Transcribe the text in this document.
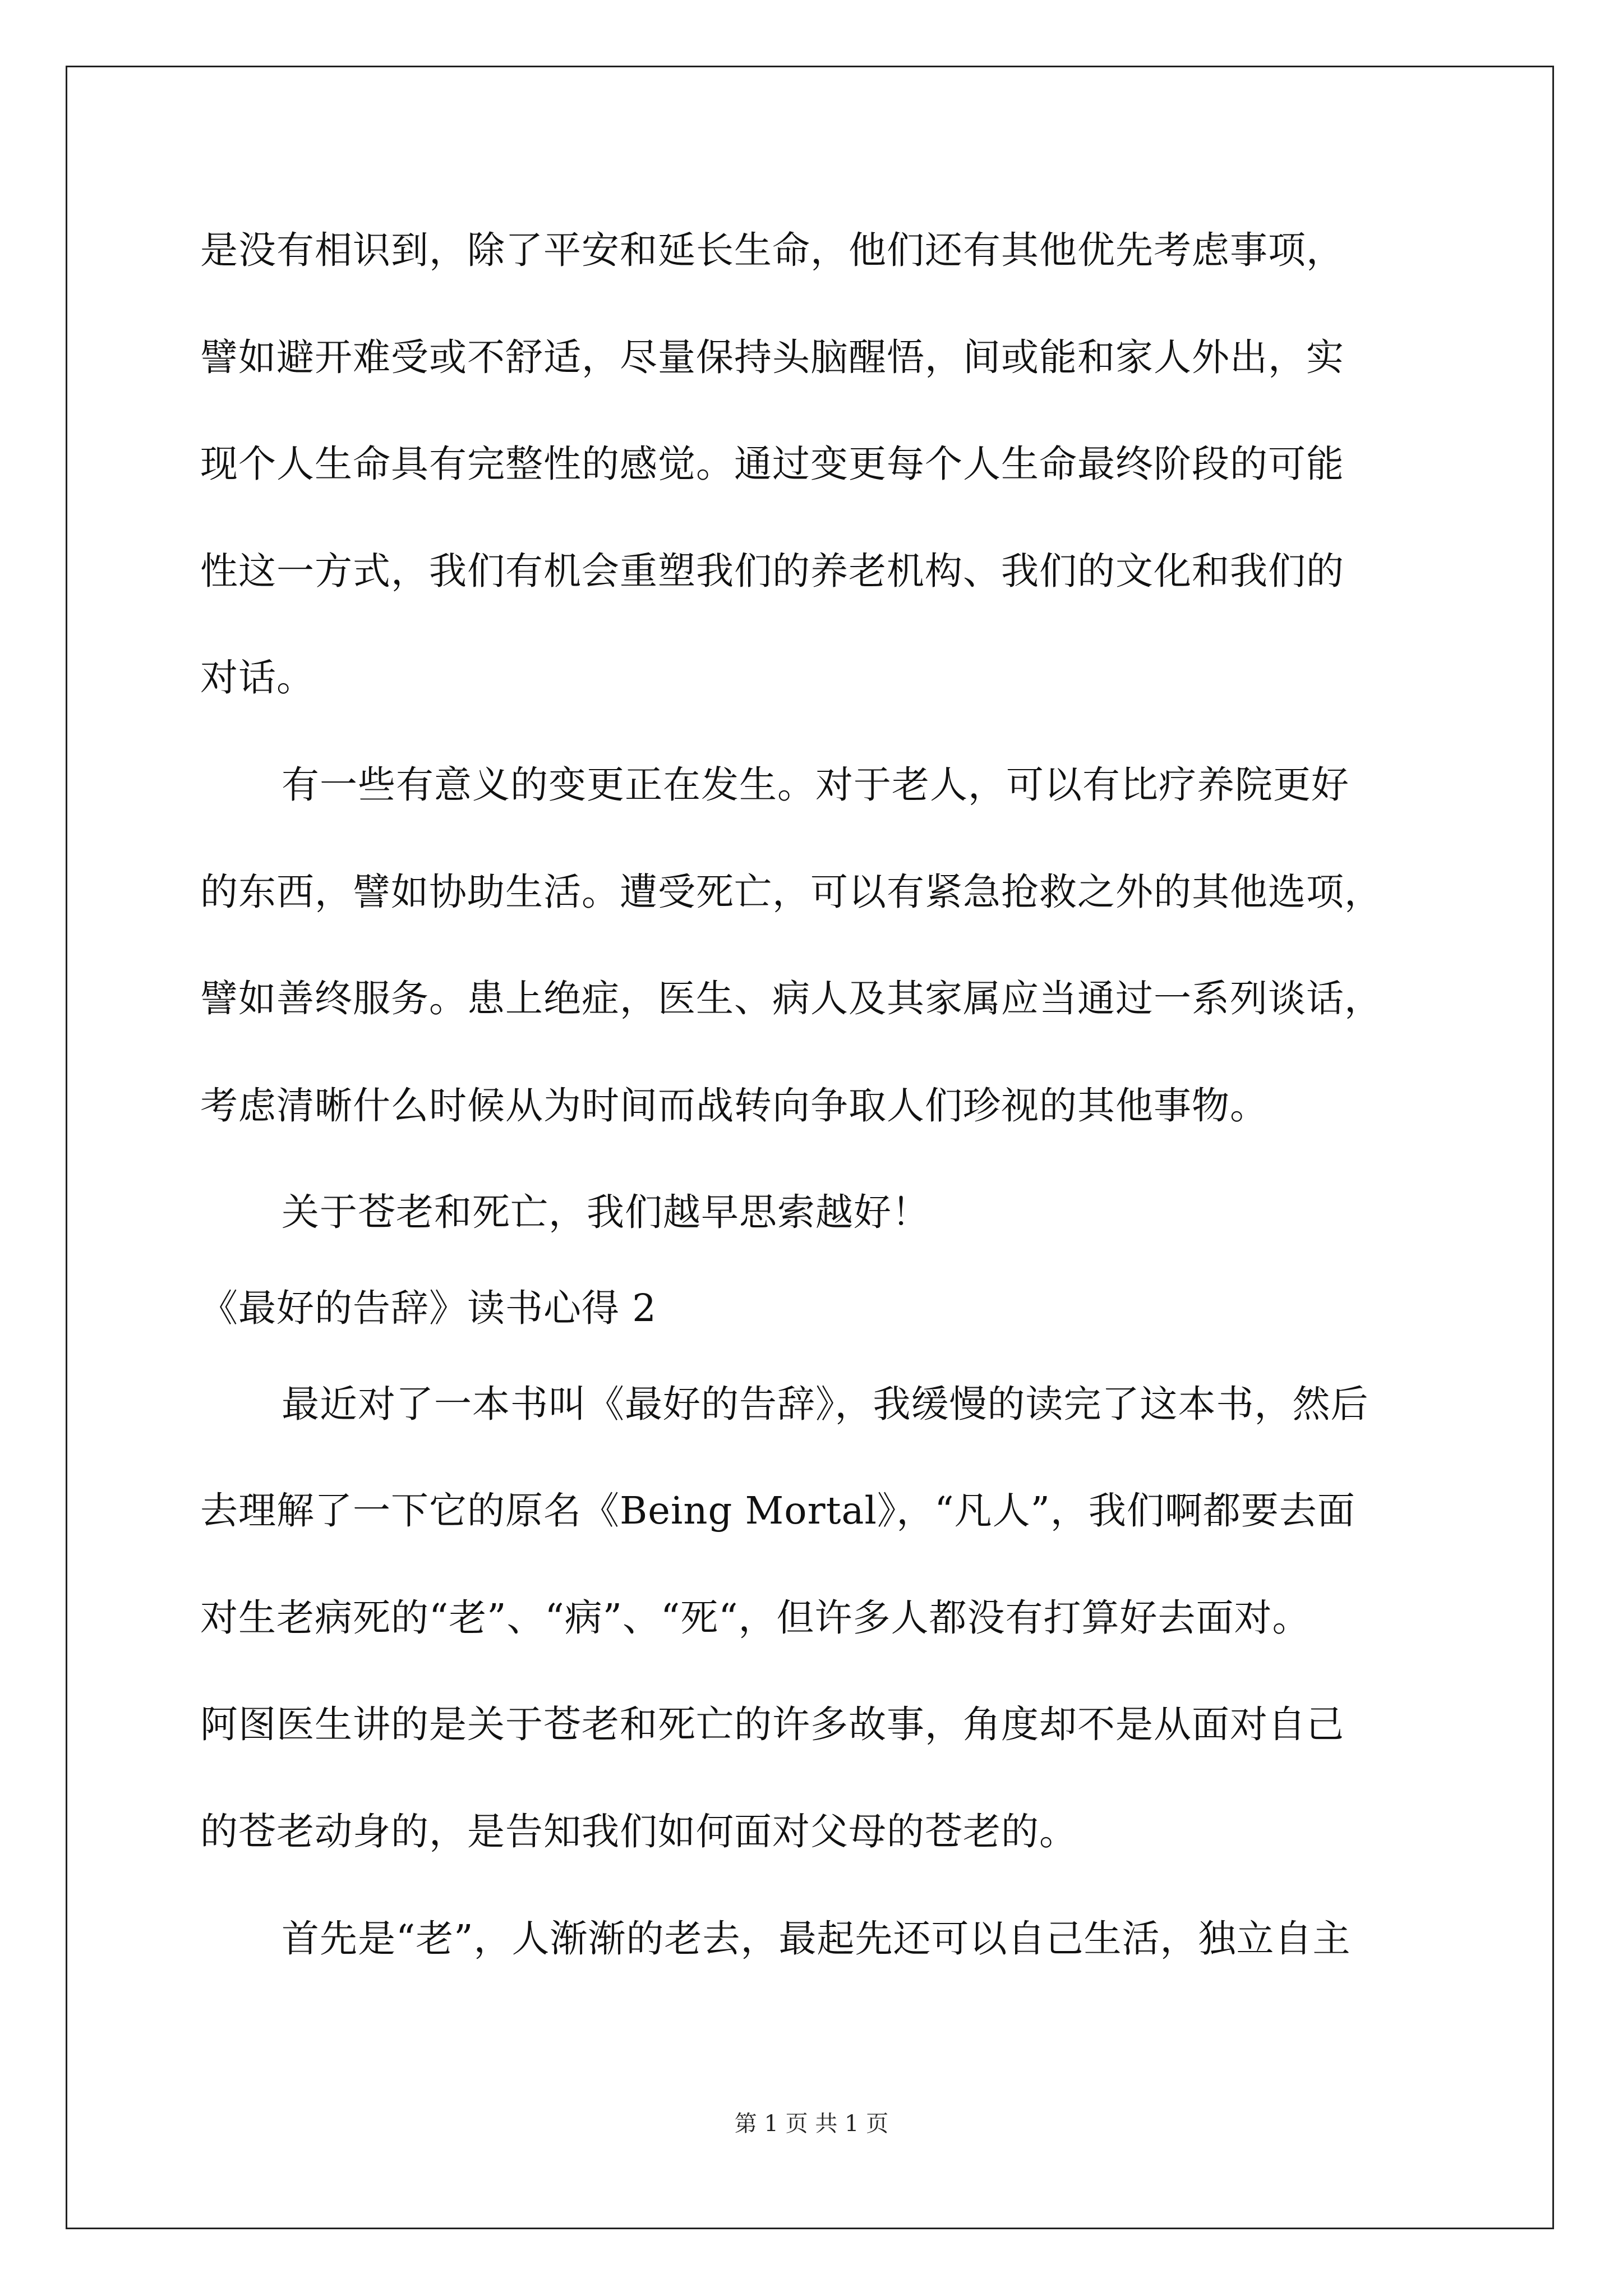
是没有相识到，除了平安和延长生命，他们还有其他优先考虑事项，
譬如避开难受或不舒适，尽量保持头脑醒悟，间或能和家人外出，实
现个人生命具有完整性的感觉。通过变更每个人生命最终阶段的可能
性这一方式，我们有机会重塑我们的养老机构、我们的文化和我们的
对话。
有一些有意义的变更正在发生。对于老人，可以有比疗养院更好
的东西，譬如协助生活。遭受死亡，可以有紧急抢救之外的其他选项，
譬如善终服务。患上绝症，医生、病人及其家属应当通过一系列谈话，
考虑清晰什么时候从为时间而战转向争取人们珍视的其他事物。
关于苍老和死亡，我们越早思索越好！
《最好的告辞》读书心得 2
最近对了一本书叫《最好的告辞》，我缓慢的读完了这本书，然后
去理解了一下它的原名《Being Mortal》，“凡人”，我们啊都要去面
对生老病死的“老”、“病”、“死“，但许多人都没有打算好去面对。
阿图医生讲的是关于苍老和死亡的许多故事，角度却不是从面对自己
的苍老动身的，是告知我们如何面对父母的苍老的。
首先是“老”，人渐渐的老去，最起先还可以自己生活，独立自主
第 1 页 共 1 页
